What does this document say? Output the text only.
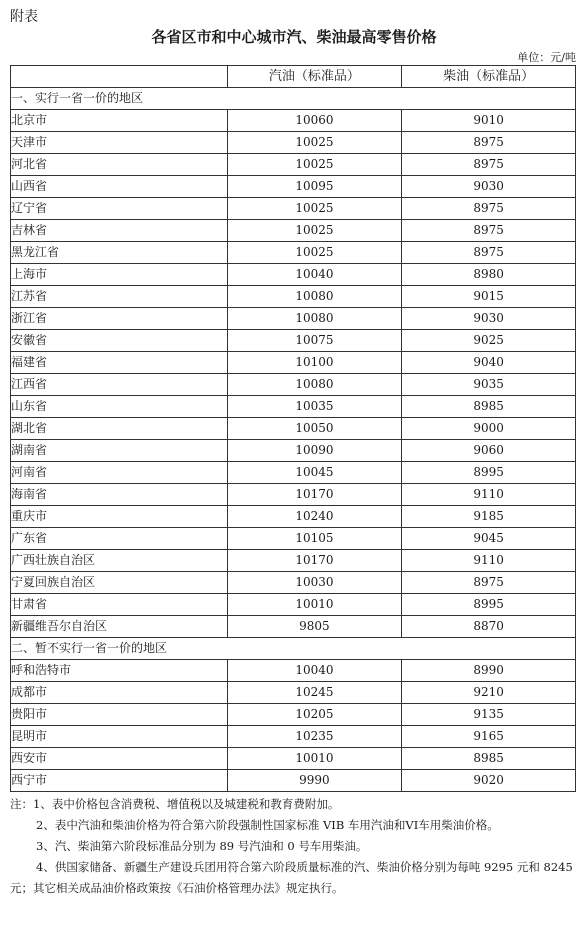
附表
各省区市和中心城市汽、柴油最高零售价格
单位：元/吨
	汽油（标准品）	柴油（标准品）
一、实行一省一价的地区		
北京市	10060	9010
天津市	10025	8975
河北省	10025	8975
山西省	10095	9030
辽宁省	10025	8975
吉林省	10025	8975
黑龙江省	10025	8975
上海市	10040	8980
江苏省	10080	9015
浙江省	10080	9030
安徽省	10075	9025
福建省	10100	9040
江西省	10080	9035
山东省	10035	8985
湖北省	10050	9000
湖南省	10090	9060
河南省	10045	8995
海南省	10170	9110
重庆市	10240	9185
广东省	10105	9045
广西壮族自治区	10170	9110
宁夏回族自治区	10030	8975
甘肃省	10010	8995
新疆维吾尔自治区	9805	8870
二、暂不实行一省一价的地区		
呼和浩特市	10040	8990
成都市	10245	9210
贵阳市	10205	9135
昆明市	10235	9165
西安市	10010	8985
西宁市	9990	9020

注：1、表中价格包含消费税、增值税以及城建税和教育费附加。

2、表中汽油和柴油价格为符合第六阶段强制性国家标准 VIB 车用汽油和VI车用柴油价格。

3、汽、柴油第六阶段标准品分别为 89 号汽油和 0 号车用柴油。

4、供国家储备、新疆生产建设兵团用符合第六阶段质量标准的汽、柴油价格分别为每吨 9295 元和 8245 元；其它相关成品油价格政策按《石油价格管理办法》规定执行。
